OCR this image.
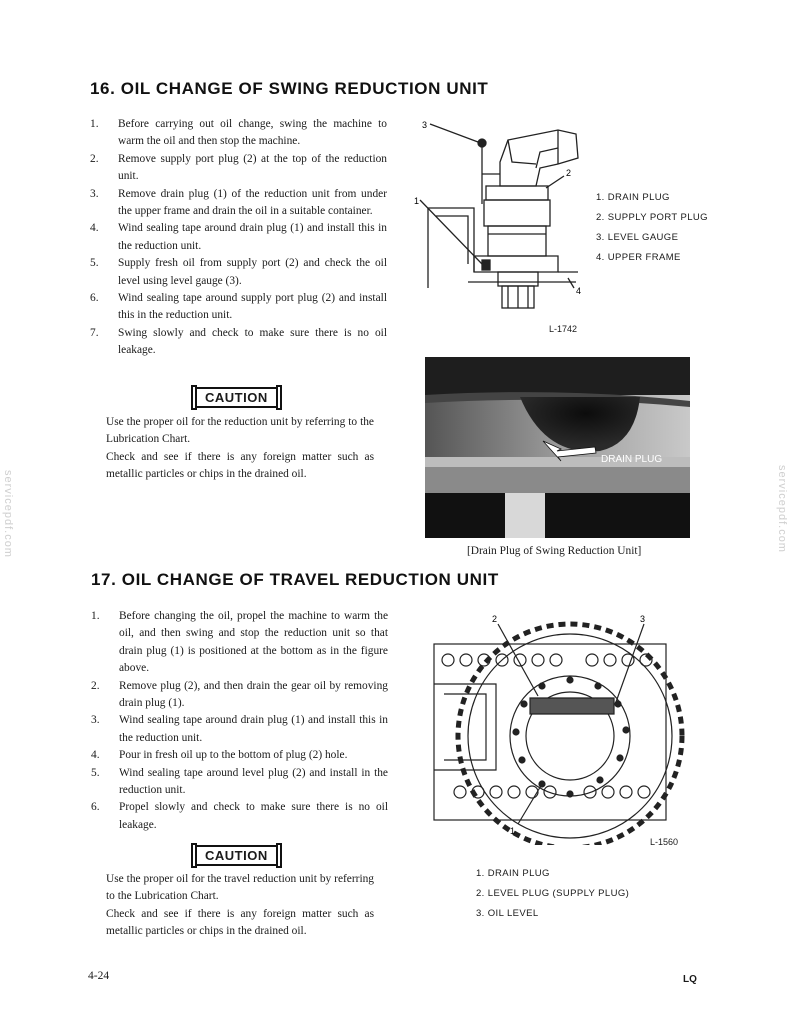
servicepdf.com	servicepdf.com
16. OIL CHANGE OF SWING REDUCTION UNIT
1. Before carrying out oil change, swing the machine to warm the oil and then stop the machine.
2. Remove supply port plug (2) at the top of the reduction unit.
3. Remove drain plug (1) of the reduction unit from under the upper frame and drain the oil in a suitable container.
4. Wind sealing tape around drain plug (1) and install this in the reduction unit.
5. Supply fresh oil from supply port (2) and check the oil level using level gauge (3).
6. Wind sealing tape around supply port plug (2) and install this in the reduction unit.
7. Swing slowly and check to make sure there is no oil leakage.
CAUTION
Use the proper oil for the reduction unit by referring to the Lubrication Chart.
Check and see if there is any foreign matter such as metallic particles or chips in the drained oil.
3
1
2
4
L-1742
1. DRAIN PLUG
2. SUPPLY PORT PLUG
3. LEVEL GAUGE
4. UPPER FRAME
DRAIN PLUG
[Drain Plug of Swing Reduction Unit]
17. OIL CHANGE OF TRAVEL REDUCTION UNIT
1. Before changing the oil, propel the machine to warm the oil, and then swing and stop the reduction unit so that drain plug (1) is positioned at the bottom as in the figure above.
2. Remove plug (2), and then drain the gear oil by removing drain plug (1).
3. Wind sealing tape around drain plug (1) and install this in the reduction unit.
4. Pour in fresh oil up to the bottom of plug (2) hole.
5. Wind sealing tape around level plug (2) and install in the reduction unit.
6. Propel slowly and check to make sure there is no oil leakage.
CAUTION
Use the proper oil for the travel reduction unit by referring to the Lubrication Chart.
Check and see if there is any foreign matter such as metallic particles or chips in the drained oil.
2	3
1
L-1560
1. DRAIN PLUG
2. LEVEL PLUG (SUPPLY PLUG)
3. OIL LEVEL
4-24	LQ
